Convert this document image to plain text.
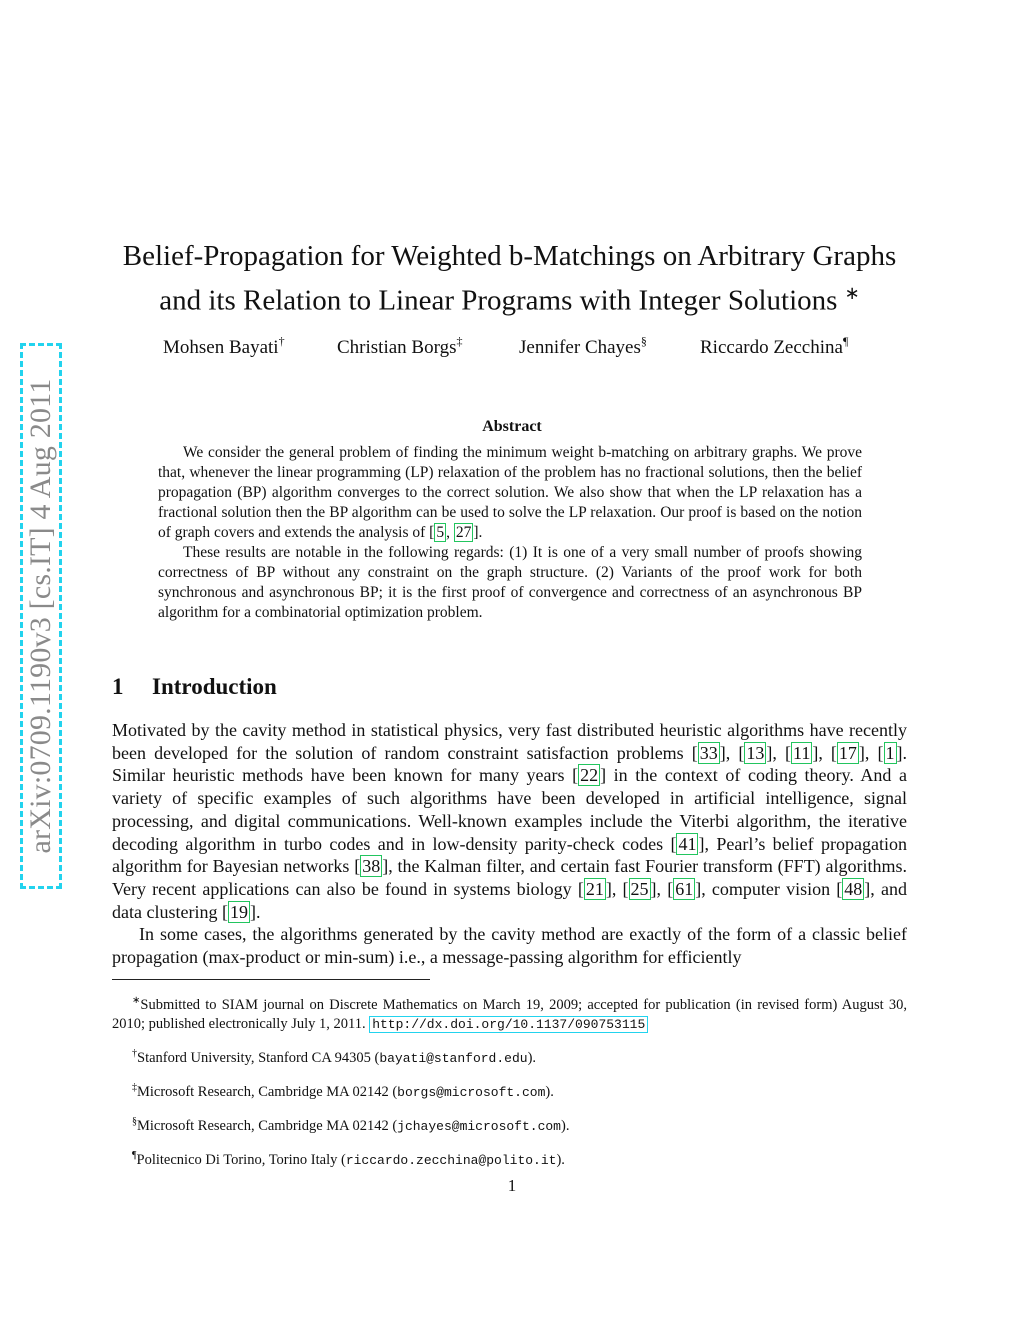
arXiv:0709.1190v3 [cs.IT] 4 Aug 2011
Belief-Propagation for Weighted b-Matchings on Arbitrary Graphs
and its Relation to Linear Programs with Integer Solutions ∗
Mohsen Bayati†	Christian Borgs‡	Jennifer Chayes§	Riccardo Zecchina¶
Abstract

We consider the general problem of finding the minimum weight b-matching on arbitrary graphs. We prove that, whenever the linear programming (LP) relaxation of the problem has no fractional solutions, then the belief propagation (BP) algorithm converges to the correct solution. We also show that when the LP relaxation has a fractional solution then the BP algorithm can be used to solve the LP relaxation. Our proof is based on the notion of graph covers and extends the analysis of [ 5 , 27 ].

These results are notable in the following regards: (1) It is one of a very small number of proofs showing correctness of BP without any constraint on the graph structure. (2) Variants of the proof work for both synchronous and asynchronous BP; it is the first proof of convergence and correctness of an asynchronous BP algorithm for a combinatorial optimization problem.

1 Introduction

Motivated by the cavity method in statistical physics, very fast distributed heuristic algorithms have recently been developed for the solution of random constraint satisfaction problems [ 33 ], [ 13 ], [ 11 ], [ 17 ], [ 1 ]. Similar heuristic methods have been known for many years [ 22 ] in the context of coding theory. And a variety of specific examples of such algorithms have been developed in artificial intelligence, signal processing, and digital communications. Well-known examples include the Viterbi algorithm, the iterative decoding algorithm in turbo codes and in low-density parity-check codes [ 41 ], Pearl’s belief propagation algorithm for Bayesian networks [ 38 ], the Kalman filter, and certain fast Fourier transform (FFT) algorithms. Very recent applications can also be found in systems biology [ 21 ], [ 25 ], [ 61 ], computer vision [ 48 ], and data clustering [ 19 ].

In some cases, the algorithms generated by the cavity method are exactly of the form of a classic belief propagation (max-product or min-sum) i.e., a message-passing algorithm for efficiently

∗Submitted to SIAM journal on Discrete Mathematics on March 19, 2009; accepted for publication (in revised form) August 30, 2010; published electronically July 1, 2011. http://dx.doi.org/10.1137/090753115

†Stanford University, Stanford CA 94305 (bayati@stanford.edu).

‡Microsoft Research, Cambridge MA 02142 (borgs@microsoft.com).

§Microsoft Research, Cambridge MA 02142 (jchayes@microsoft.com).

¶Politecnico Di Torino, Torino Italy (riccardo.zecchina@polito.it).

1
